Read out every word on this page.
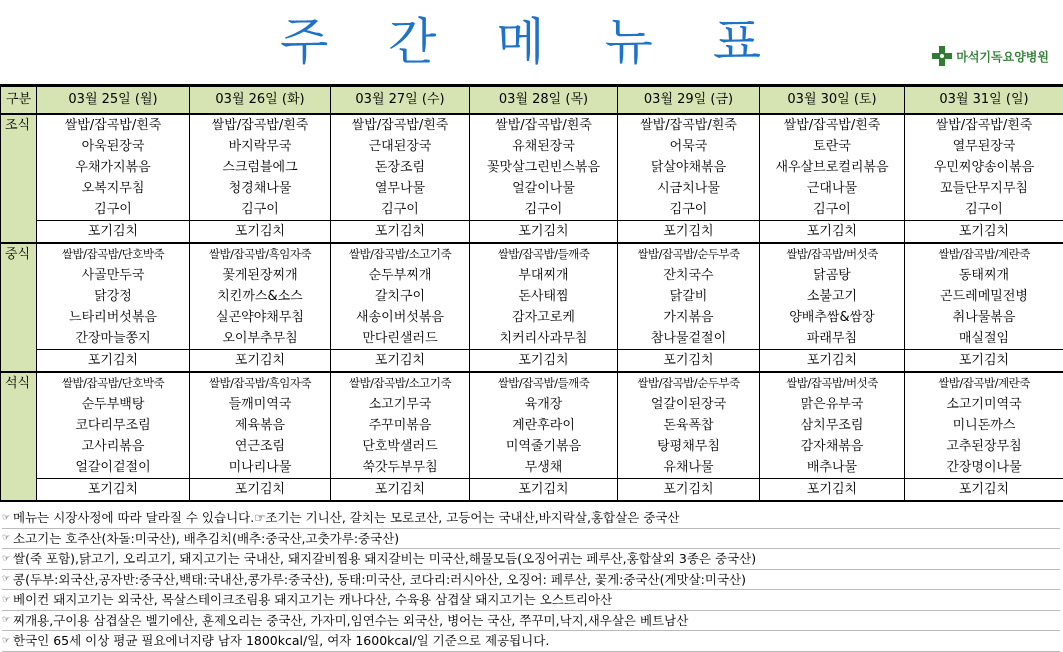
주 간 메 뉴 표	마석기독요양병원
구분	03월 25일 (월)	03월 26일 (화)	03월 27일 (수)	03월 28일 (목)	03월 29일 (금)	03월 30일 (토)	03월 31일 (일)
조식	쌀밥/잡곡밥/흰죽	쌀밥/잡곡밥/흰죽	쌀밥/잡곡밥/흰죽	쌀밥/잡곡밥/흰죽	쌀밥/잡곡밥/흰죽	쌀밥/잡곡밥/흰죽	쌀밥/잡곡밥/흰죽
	아욱된장국	바지락무국	근대된장국	유채된장국	어묵국	토란국	열무된장국
	우채가지볶음	스크럼블에그	돈장조림	꽃맛살그린빈스볶음	닭살야채볶음	새우살브로컬리볶음	우민찌양송이볶음
	오복지무침	청경채나물	열무나물	얼갈이나물	시금치나물	근대나물	꼬들단무지무침
	김구이	김구이	김구이	김구이	김구이	김구이	김구이
	포기김치	포기김치	포기김치	포기김치	포기김치	포기김치	포기김치
중식	쌀밥/잡곡밥/단호박죽	쌀밥/잡곡밥/흑임자죽	쌀밥/잡곡밥/소고기죽	쌀밥/잡곡밥/들깨죽	쌀밥/잡곡밥/순두부죽	쌀밥/잡곡밥/버섯죽	쌀밥/잡곡밥/계란죽
	사골만두국	꽃게된장찌개	순두부찌개	부대찌개	잔치국수	닭곰탕	동태찌개
	닭강정	치킨까스&소스	갈치구이	돈사태찜	닭갈비	소불고기	곤드레메밀전병
	느타리버섯볶음	실곤약야채무침	새송이버섯볶음	감자고로케	가지볶음	양배추쌈&쌈장	취나물볶음
	간장마늘쫑지	오이부추무침	만다린샐러드	치커리사과무침	참나물겉절이	파래무침	매실절임
	포기김치	포기김치	포기김치	포기김치	포기김치	포기김치	포기김치
석식	쌀밥/잡곡밥/단호박죽	쌀밥/잡곡밥/흑임자죽	쌀밥/잡곡밥/소고기죽	쌀밥/잡곡밥/들깨죽	쌀밥/잡곡밥/순두부죽	쌀밥/잡곡밥/버섯죽	쌀밥/잡곡밥/계란죽
	순두부백탕	들깨미역국	소고기무국	육개장	얼갈이된장국	맑은유부국	소고기미역국
	코다리무조림	제육볶음	주꾸미볶음	계란후라이	돈육폭찹	삼치무조림	미니돈까스
	고사리볶음	연근조림	단호박샐러드	미역줄기볶음	탕평채무침	감자채볶음	고추된장무침
	얼갈이겉절이	미나리나물	쑥갓두부무침	무생채	유채나물	배추나물	간장명이나물
	포기김치	포기김치	포기김치	포기김치	포기김치	포기김치	포기김치
☞ 메뉴는 시장사정에 따라 달라질 수 있습니다.☞조기는 기니산, 갈치는 모로코산, 고등어는 국내산,바지락살,홍합살은 중국산
☞ 소고기는 호주산(차돌:미국산), 배추김치(배추:중국산,고춧가루:중국산)
☞ 쌀(죽 포함),닭고기, 오리고기, 돼지고기는 국내산, 돼지갈비찜용 돼지갈비는 미국산,해물모듬(오징어귀는 페루산,홍합살외 3종은 중국산)
☞ 콩(두부:외국산,공자반:중국산,백태:국내산,콩가루:중국산), 동태:미국산, 코다리:러시아산, 오징어: 페루산, 꽃게:중국산(게맛살:미국산)
☞ 베이컨 돼지고기는 외국산, 목살스테이크조림용 돼지고기는 캐나다산, 수육용 삼겹살 돼지고기는 오스트리아산
☞ 찌개용,구이용 삼겹살은 벨기에산, 훈제오리는 중국산, 가자미,임연수는 외국산, 병어는 국산, 쭈꾸미,낙지,새우살은 베트남산
☞ 한국인 65세 이상 평균 필요에너지량 남자 1800kcal/일, 여자 1600kcal/일 기준으로 제공됩니다.
